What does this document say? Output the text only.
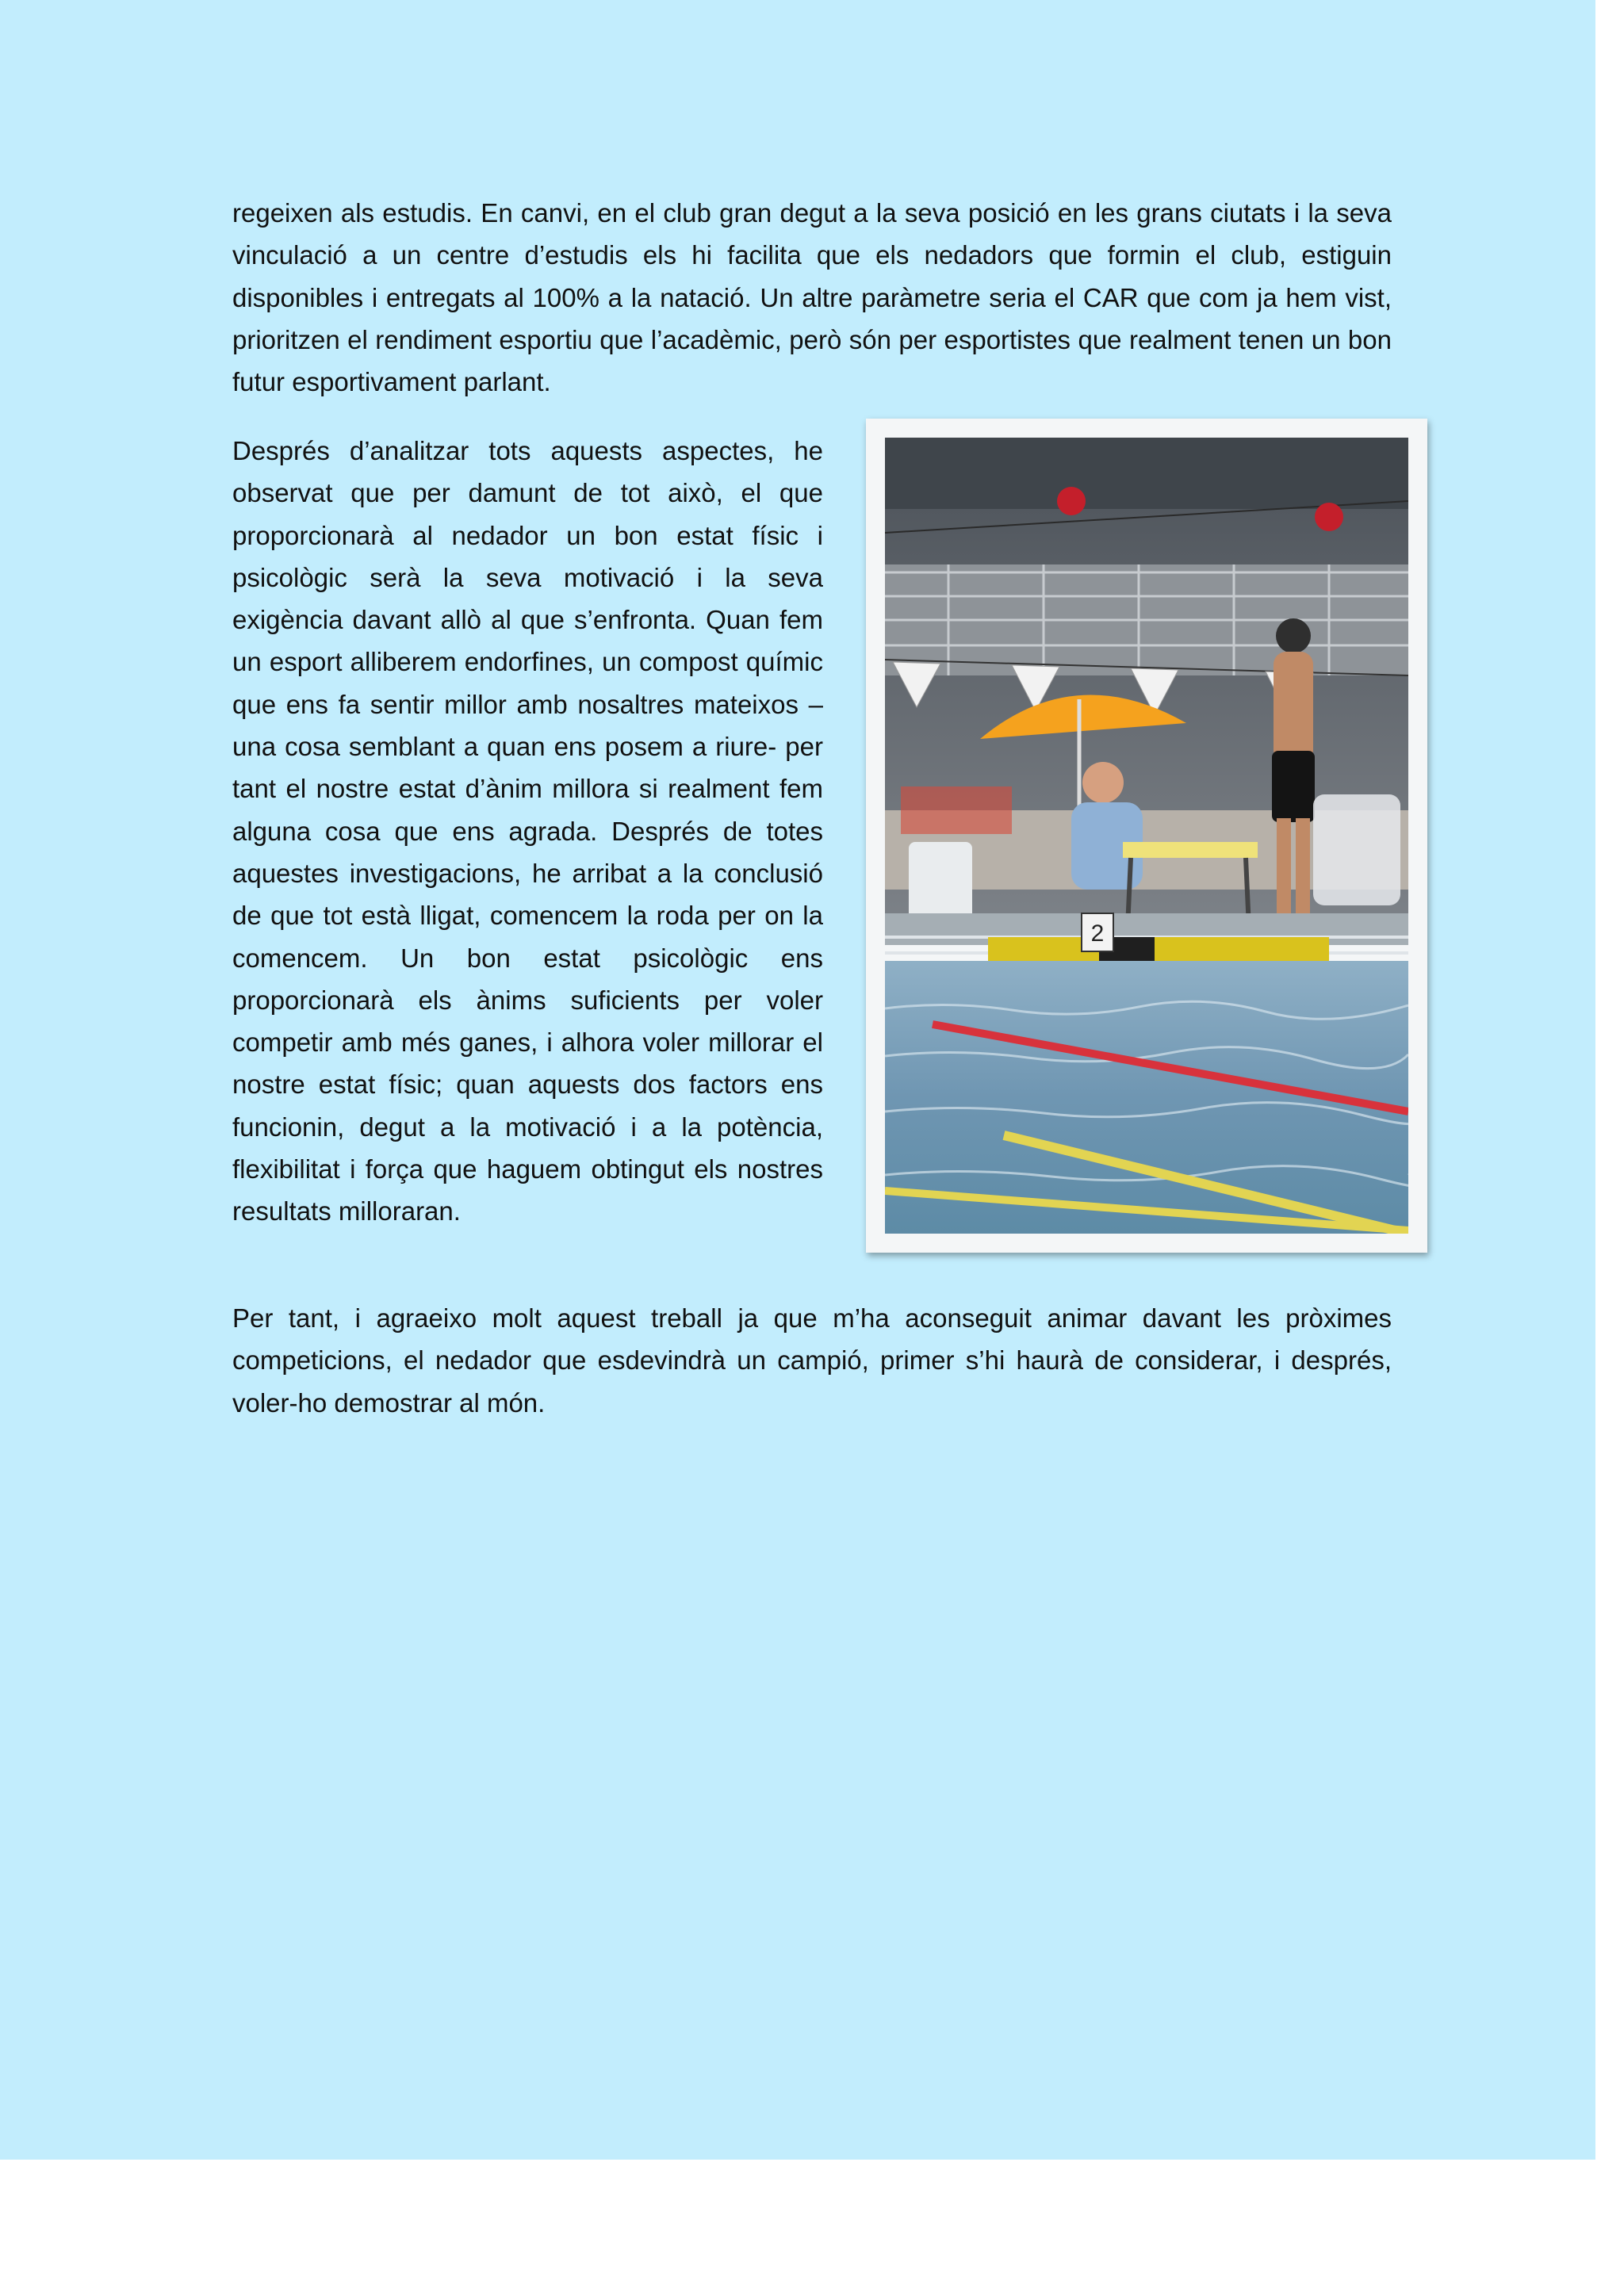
regeixen als estudis. En canvi, en el club gran degut a la seva posició en les grans ciutats i la seva vinculació a un centre d’estudis els hi facilita que els nedadors que formin el club, estiguin disponibles i entregats al 100% a la natació. Un altre paràmetre seria el CAR que com ja hem vist, prioritzen el rendiment esportiu que l’acadèmic, però són per esportistes que realment tenen un bon futur esportivament parlant.

Després d’analitzar tots aquests aspectes, he observat que per damunt de tot això, el que proporcionarà al nedador un bon estat físic i psicològic serà la seva motivació i la seva exigència davant allò al que s’enfronta. Quan fem un esport alliberem endorfines, un compost químic que ens fa sentir millor amb nosaltres mateixos – una cosa semblant a quan ens posem a riure- per tant el nostre estat d’ànim millora si realment fem alguna cosa que ens agrada. Després de totes aquestes investigacions, he arribat a la conclusió de que tot està lligat, comencem la roda per on la comencem. Un bon estat psicològic ens proporcionarà els ànims suficients per voler competir amb més ganes, i alhora voler millorar el nostre estat físic; quan aquests dos factors ens funcionin, degut a la motivació i a la potència, flexibilitat i força que haguem obtingut els nostres resultats milloraran.

2

Per tant, i agraeixo molt aquest treball ja que m’ha aconseguit animar davant les pròximes competicions, el nedador que esdevindrà un campió, primer s’hi haurà de considerar, i després, voler-ho demostrar al món.
